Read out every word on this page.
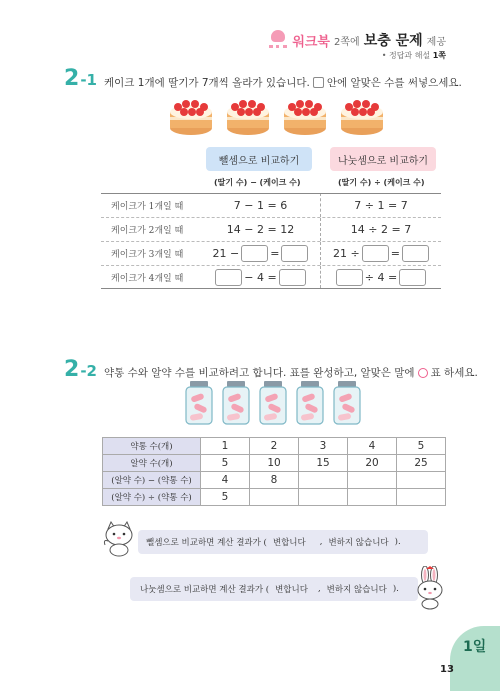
워크북 2쪽에 보충 문제 제공
• 정답과 해설 1쪽
2 -1 케이크 1개에 딸기가 7개씩 올라가 있습니다. 안에 알맞은 수를 써넣으세요.
뺄셈으로 비교하기	나눗셈으로 비교하기
(딸기 수) − (케이크 수)	(딸기 수) ÷ (케이크 수)
케이크가 1개일 때	7 − 1 = 6	7 ÷ 1 = 7
케이크가 2개일 때	14 − 2 = 12	14 ÷ 2 = 7
케이크가 3개일 때	21 −	=	21 ÷	=
케이크가 4개일 때	− 4 =	÷ 4 =
2 -2 약통 수와 알약 수를 비교하려고 합니다. 표를 완성하고, 알맞은 말에 ○ 표 하세요.
약통 수(개)	1	2	3	4	5
알약 수(개)	5	10	15	20	25
(알약 수) − (약통 수)	4	8			
(알약 수) ÷ (약통 수)	5				
뺄셈으로 비교하면 계산 결과가 ( 변합니다 , 변하지 않습니다 ).
나눗셈으로 비교하면 계산 결과가 ( 변합니다 , 변하지 않습니다 ).
1일
13
